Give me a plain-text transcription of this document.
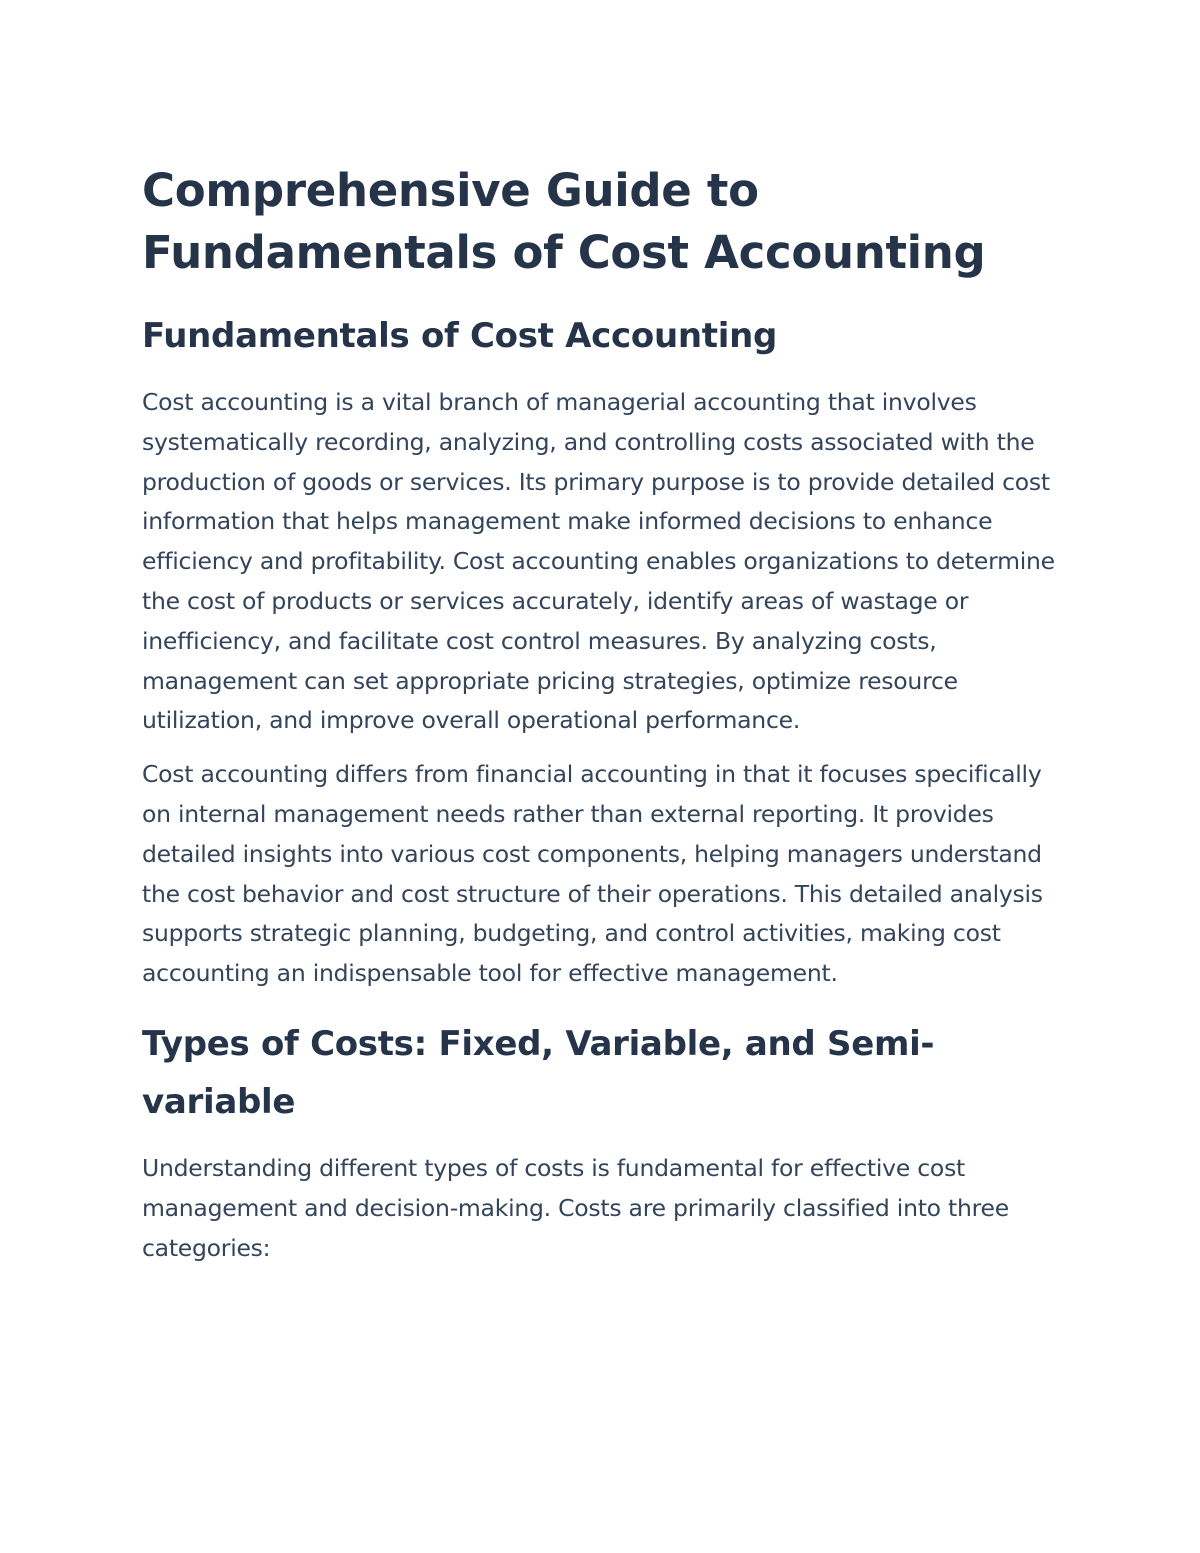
Comprehensive Guide to Fundamentals of Cost Accounting
Fundamentals of Cost Accounting

Cost accounting is a vital branch of managerial accounting that involves systematically recording, analyzing, and controlling costs associated with the production of goods or services. Its primary purpose is to provide detailed cost information that helps management make informed decisions to enhance efficiency and profitability. Cost accounting enables organizations to determine the cost of products or services accurately, identify areas of wastage or inefficiency, and facilitate cost control measures. By analyzing costs, management can set appropriate pricing strategies, optimize resource utilization, and improve overall operational performance.

Cost accounting differs from financial accounting in that it focuses specifically on internal management needs rather than external reporting. It provides detailed insights into various cost components, helping managers understand the cost behavior and cost structure of their operations. This detailed analysis supports strategic planning, budgeting, and control activities, making cost accounting an indispensable tool for effective management.

Types of Costs: Fixed, Variable, and Semi-variable

Understanding different types of costs is fundamental for effective cost management and decision-making. Costs are primarily classified into three categories:
